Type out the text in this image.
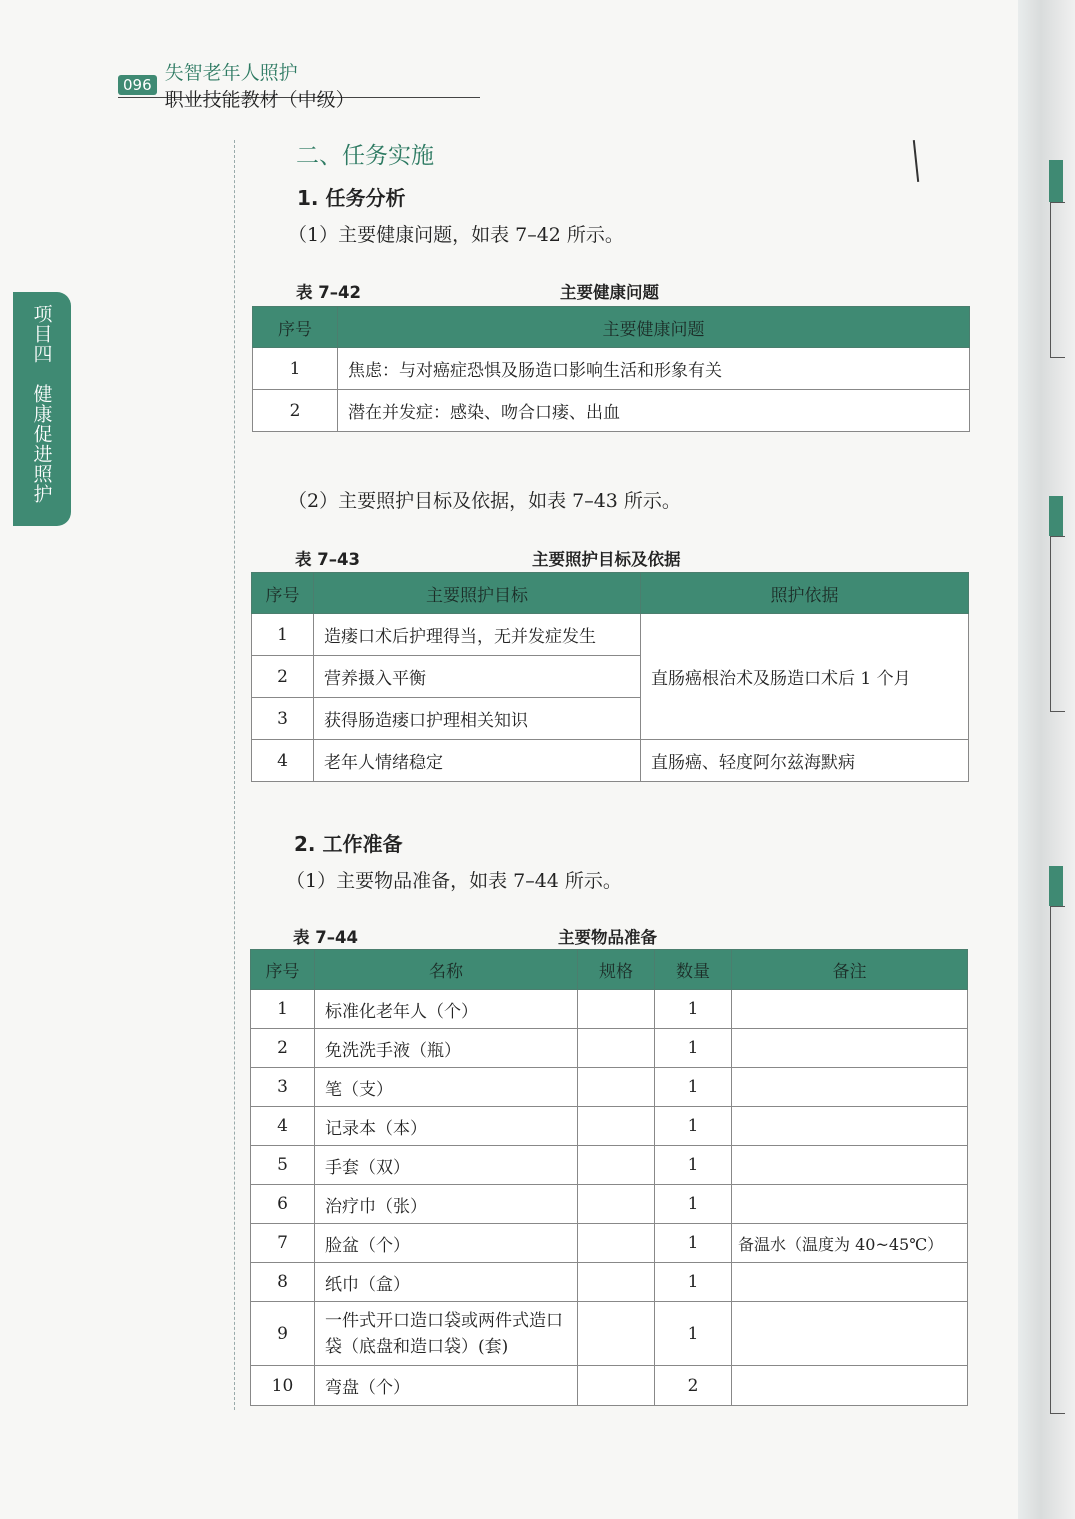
096
失智老年人照护职业技能教材（中级）
项目四　健康促进照护
二、任务实施
1. 任务分析
（1）主要健康问题，如表 7–42 所示。
表 7–42	主要健康问题
序号	主要健康问题
1	焦虑：与对癌症恐惧及肠造口影响生活和形象有关
2	潜在并发症：感染、吻合口瘘、出血
（2）主要照护目标及依据，如表 7–43 所示。
表 7–43	主要照护目标及依据
序号	主要照护目标	照护依据
1	造瘘口术后护理得当，无并发症发生	直肠癌根治术及肠造口术后 1 个月
2	营养摄入平衡	
3	获得肠造瘘口护理相关知识	
4	老年人情绪稳定	直肠癌、轻度阿尔兹海默病
2. 工作准备
（1）主要物品准备，如表 7–44 所示。
表 7–44	主要物品准备
序号	名称	规格	数量	备注
1	标准化老年人（个）		1	
2	免洗洗手液（瓶）		1	
3	笔（支）		1	
4	记录本（本）		1	
5	手套（双）		1	
6	治疗巾（张）		1	
7	脸盆（个）		1	备温水（温度为 40~45℃）
8	纸巾（盒）		1	
9	一件式开口造口袋或两件式造口袋（底盘和造口袋）(套)		1	
10	弯盘（个）		2	
